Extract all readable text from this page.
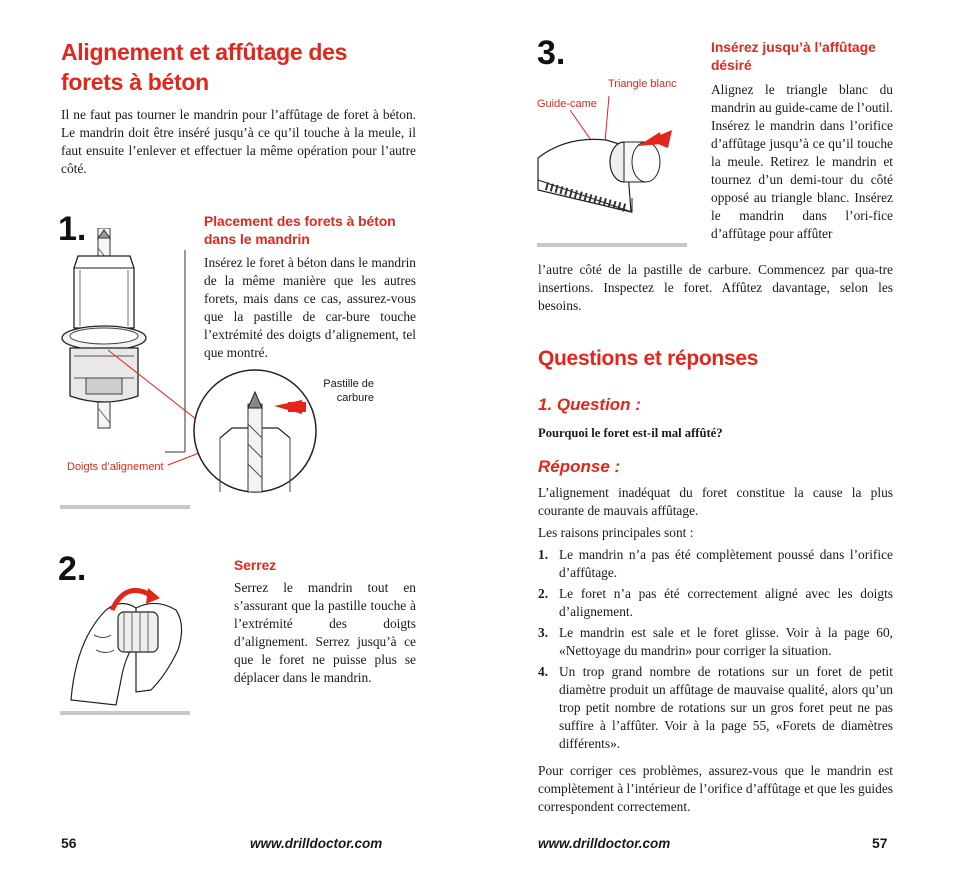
Alignement et affûtage des
forets à béton
Il ne faut pas tourner le mandrin pour l’affûtage de foret à béton. Le mandrin doit être inséré jusqu’à ce qu’il touche à la meule, il faut ensuite l’enlever et effectuer la même opération pour l’autre côté.
1.	Placement des forets à béton
dans le mandrin
Insérez le foret à béton dans le mandrin de la même manière que les autres forets, mais dans ce cas, assurez-vous que la pastille de car-bure touche l’extrémité des doigts d’alignement, tel que montré.
Pastille de
carbure
Doigts d’alignement
2.	Serrez
Serrez le mandrin tout en s’assurant que la pastille touche à l’extrémité des doigts d’alignement. Serrez jusqu’à ce que le foret ne puisse plus se déplacer dans le mandrin.
56	www.drilldoctor.com
3.
Triangle blanc
Guide-came
Insérez jusqu’à l’affûtage
désiré
Alignez le triangle blanc du mandrin au guide-came de l’outil. Insérez le mandrin dans l’orifice d’affûtage jusqu’à ce qu’il touche la meule. Retirez le mandrin et tournez d’un demi-tour du côté opposé au triangle blanc. Insérez le mandrin dans l’ori-fice d’affûtage pour affûter
l’autre côté de la pastille de carbure. Commencez par qua-tre insertions. Inspectez le foret. Affûtez davantage, selon les besoins.
Questions et réponses
1. Question :
Pourquoi le foret est-il mal affûté?
Réponse :
L’alignement inadéquat du foret constitue la cause la plus courante de mauvais affûtage.
Les raisons principales sont :
1. Le mandrin n’a pas été complètement poussé dans l’orifice d’affûtage.
2. Le foret n’a pas été correctement aligné avec les doigts d’alignement.
3. Le mandrin est sale et le foret glisse. Voir à la page 60, «Nettoyage du mandrin» pour corriger la situation.
4. Un trop grand nombre de rotations sur un foret de petit diamètre produit un affûtage de mauvaise qualité, alors qu’un trop petit nombre de rotations sur un gros foret peut ne pas suffire à l’affûter. Voir à la page 55, «Forets de diamètres différents».
Pour corriger ces problèmes, assurez-vous que le mandrin est complètement à l’intérieur de l’orifice d’affûtage et que les guides correspondent correctement.
www.drilldoctor.com	57
